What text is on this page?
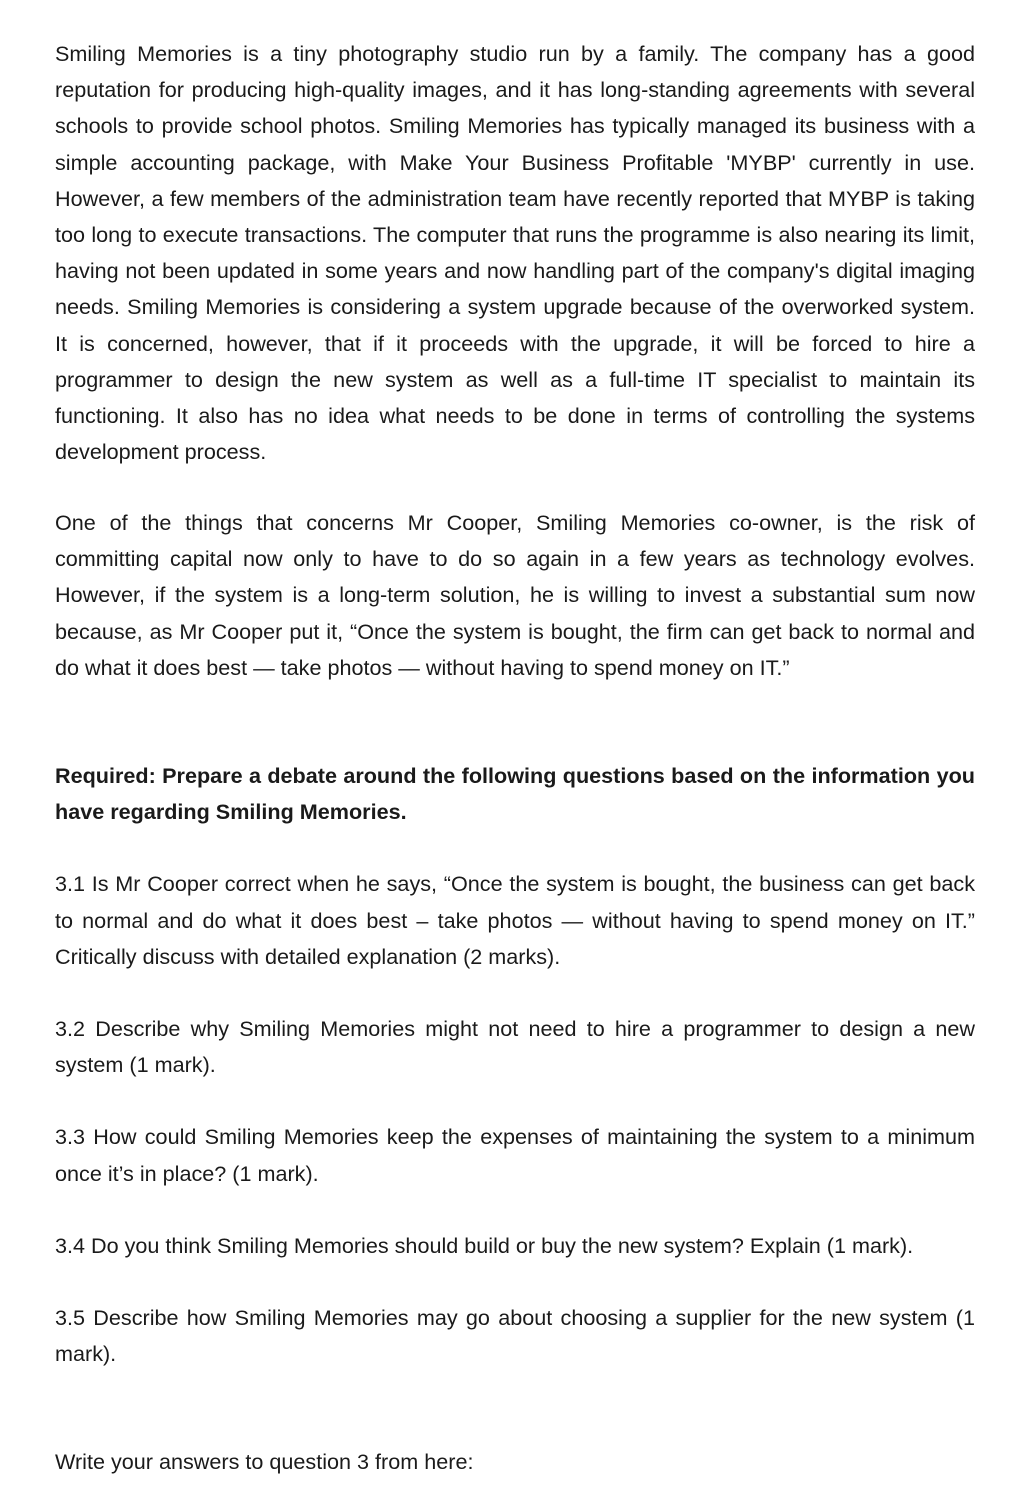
Smiling Memories is a tiny photography studio run by a family. The company has a good reputation for producing high-quality images, and it has long-standing agreements with several schools to provide school photos. Smiling Memories has typically managed its business with a simple accounting package, with Make Your Business Profitable 'MYBP' currently in use. However, a few members of the administration team have recently reported that MYBP is taking too long to execute transactions. The computer that runs the programme is also nearing its limit, having not been updated in some years and now handling part of the company's digital imaging needs. Smiling Memories is considering a system upgrade because of the overworked system. It is concerned, however, that if it proceeds with the upgrade, it will be forced to hire a programmer to design the new system as well as a full-time IT specialist to maintain its functioning. It also has no idea what needs to be done in terms of controlling the systems development process.

One of the things that concerns Mr Cooper, Smiling Memories co-owner, is the risk of committing capital now only to have to do so again in a few years as technology evolves. However, if the system is a long-term solution, he is willing to invest a substantial sum now because, as Mr Cooper put it, “Once the system is bought, the firm can get back to normal and do what it does best — take photos — without having to spend money on IT.”

Required: Prepare a debate around the following questions based on the information you have regarding Smiling Memories.

3.1 Is Mr Cooper correct when he says, “Once the system is bought, the business can get back to normal and do what it does best – take photos — without having to spend money on IT.” Critically discuss with detailed explanation (2 marks).

3.2 Describe why Smiling Memories might not need to hire a programmer to design a new system (1 mark).

3.3 How could Smiling Memories keep the expenses of maintaining the system to a minimum once it’s in place? (1 mark).

3.4 Do you think Smiling Memories should build or buy the new system? Explain (1 mark).

3.5 Describe how Smiling Memories may go about choosing a supplier for the new system (1 mark).

Write your answers to question 3 from here:
